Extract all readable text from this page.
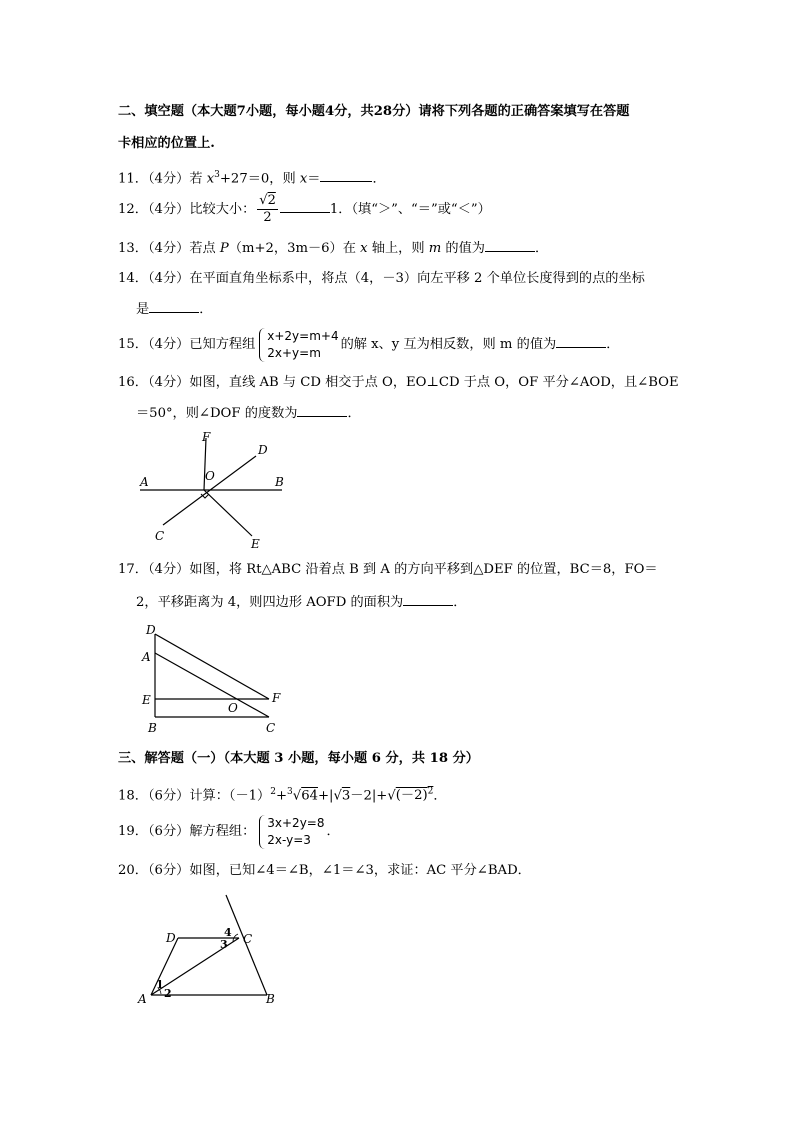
二、填空题（本大题7小题，每小题4分，共28分）请将下列各题的正确答案填写在答题
卡相应的位置上.
11．（4分）若 $x^3+27=0$，则 x＝	．
12．（4分）比较大小： $\frac{√2}{2}$	1．（填“＞”、“＝”或“＜”）
13．（4分）若点 P（m+2，3m－6）在 x 轴上，则 m 的值为	．
14．（4分）在平面直角坐标系中，将点（4，－3）向左平移 2 个单位长度得到的点的坐标
是	．
15．（4分）已知方程组
x+2y=m+4
2x+y=m
的解 x、y 互为相反数，则 m 的值为	．
16．（4分）如图，直线 AB 与 CD 相交于点 O，EO⊥CD 于点 O，OF 平分∠AOD，且∠BOE
＝50°，则∠DOF 的度数为	．
F
D
O
A	B
C
E
17．（4分）如图，将 Rt△ABC 沿着点 B 到 A 的方向平移到△DEF 的位置，BC＝8，FO＝
2，平移距离为 4，则四边形 AOFD 的面积为	．
D
A
E	F
O
B	C
三、解答题（一）（本大题 3 小题，每小题 6 分，共 18 分）
18．（6分）计算：$(-1)^2+^3√64+|√3-2|+√(-2)^2$．
19．（6分）解方程组：
3x+2y=8
2x-y=3
．
20．（6分）如图，已知∠4＝∠B，∠1＝∠3，求证：AC 平分∠BAD．
D	C
A	B
1
2
3
4
